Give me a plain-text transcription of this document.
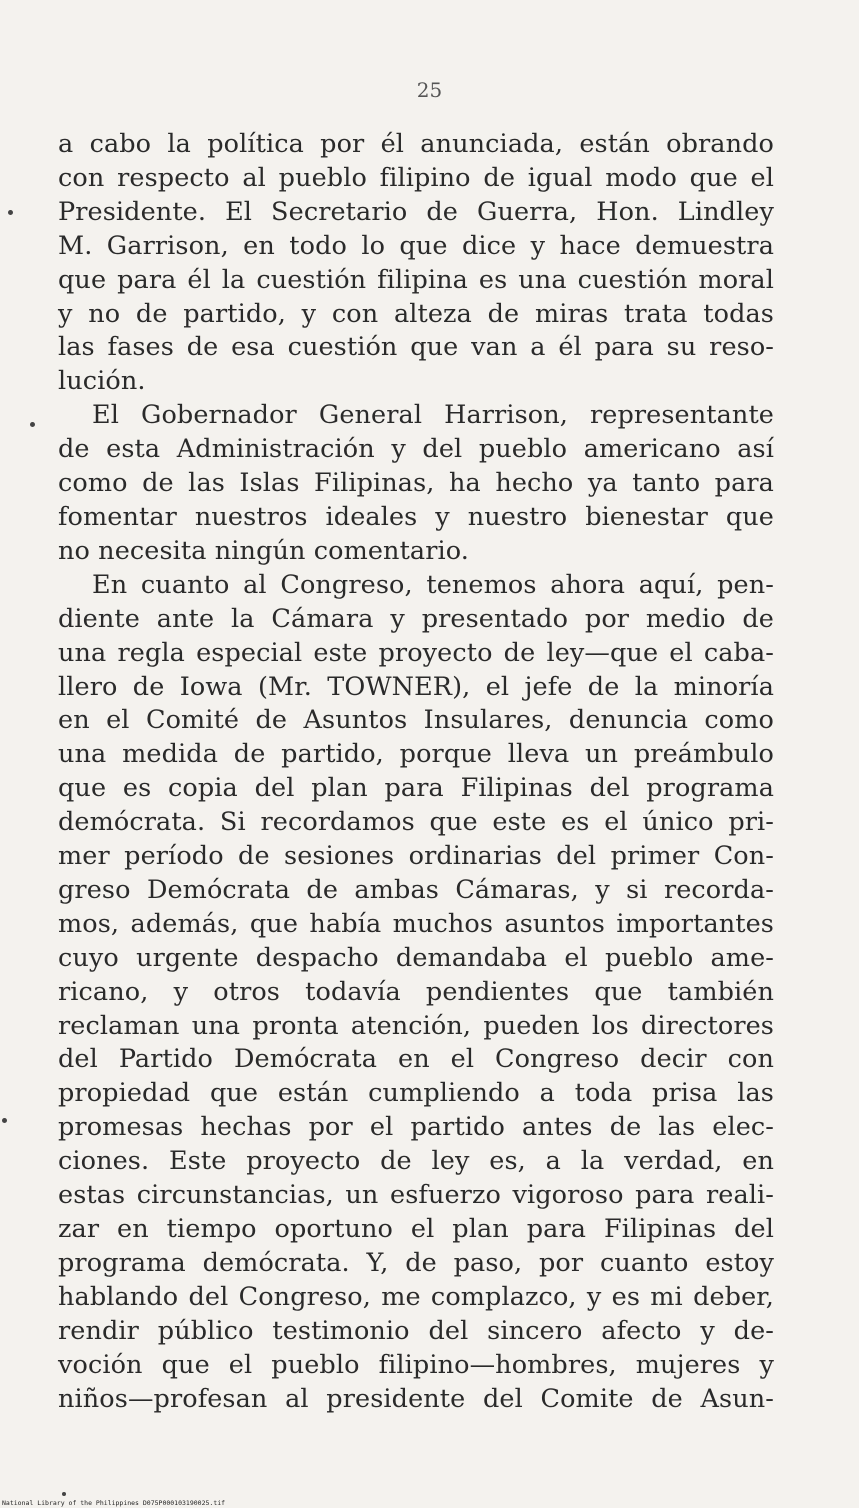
25
a cabo la política por él anunciada, están obrando
con respecto al pueblo filipino de igual modo que el
Presidente. El Secretario de Guerra, Hon. Lindley
M. Garrison, en todo lo que dice y hace demuestra
que para él la cuestión filipina es una cuestión moral
y no de partido, y con alteza de miras trata todas
las fases de esa cuestión que van a él para su reso-
lución.
El Gobernador General Harrison, representante
de esta Administración y del pueblo americano así
como de las Islas Filipinas, ha hecho ya tanto para
fomentar nuestros ideales y nuestro bienestar que
no necesita ningún comentario.
En cuanto al Congreso, tenemos ahora aquí, pen-
diente ante la Cámara y presentado por medio de
una regla especial este proyecto de ley—que el caba-
llero de Iowa (Mr. TOWNER), el jefe de la minoría
en el Comité de Asuntos Insulares, denuncia como
una medida de partido, porque lleva un preámbulo
que es copia del plan para Filipinas del programa
demócrata. Si recordamos que este es el único pri-
mer período de sesiones ordinarias del primer Con-
greso Demócrata de ambas Cámaras, y si recorda-
mos, además, que había muchos asuntos importantes
cuyo urgente despacho demandaba el pueblo ame-
ricano, y otros todavía pendientes que también
reclaman una pronta atención, pueden los directores
del Partido Demócrata en el Congreso decir con
propiedad que están cumpliendo a toda prisa las
promesas hechas por el partido antes de las elec-
ciones. Este proyecto de ley es, a la verdad, en
estas circunstancias, un esfuerzo vigoroso para reali-
zar en tiempo oportuno el plan para Filipinas del
programa demócrata. Y, de paso, por cuanto estoy
hablando del Congreso, me complazco, y es mi deber,
rendir público testimonio del sincero afecto y de-
voción que el pueblo filipino—hombres, mujeres y
niños—profesan al presidente del Comite de Asun-
National Library of the Philippines D075P000103190025.tif
